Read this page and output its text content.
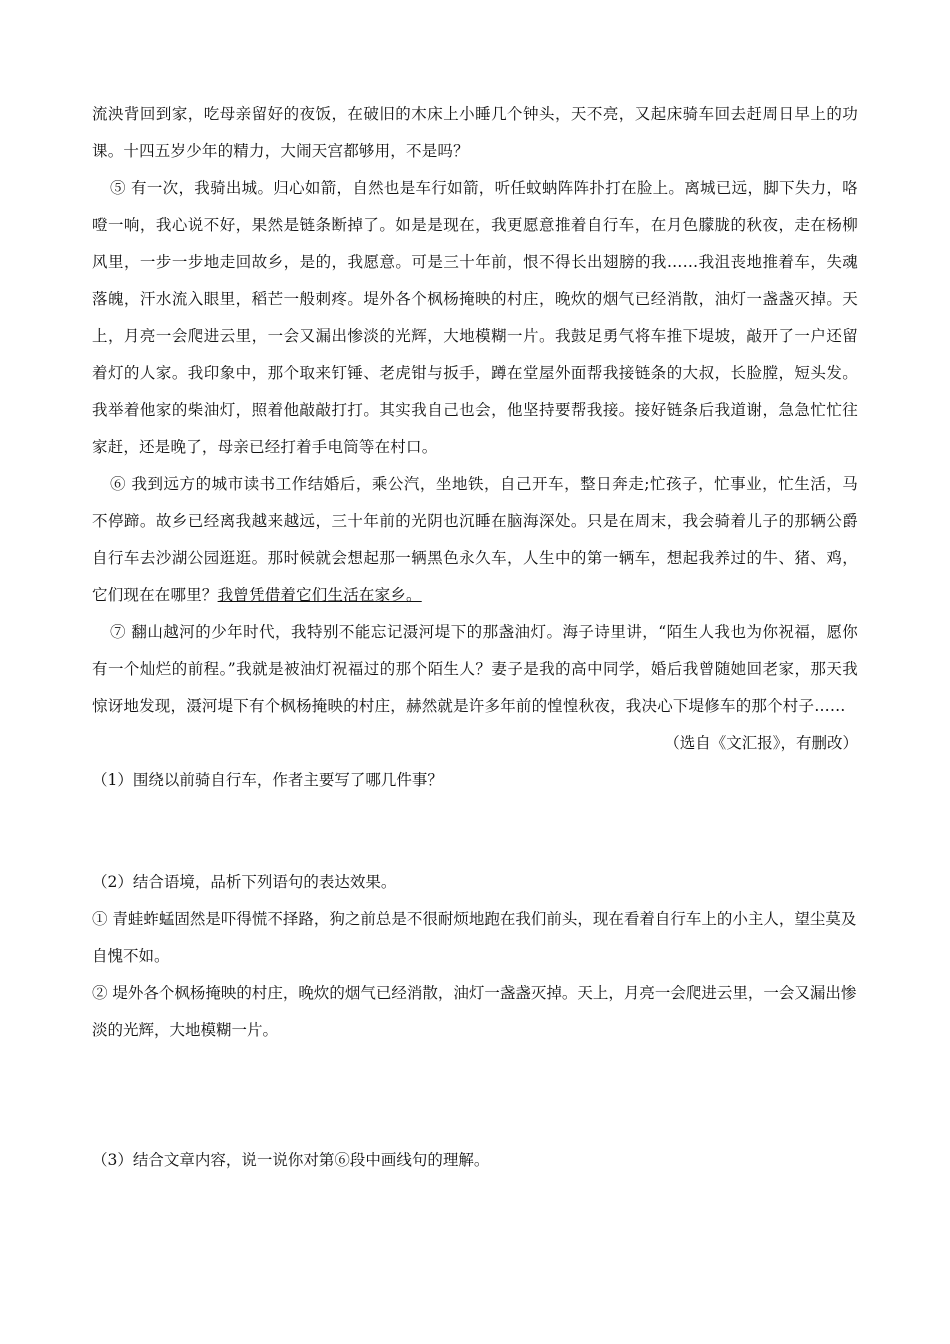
流泱背回到家，吃母亲留好的夜饭，在破旧的木床上小睡几个钟头，天不亮，又起床骑车回去赶周日早上的功课。十四五岁少年的精力，大闹天宫都够用，不是吗？

⑤ 有一次，我骑出城。归心如箭，自然也是车行如箭，听任蚊蚋阵阵扑打在脸上。离城已远，脚下失力，咯噔一响，我心说不好，果然是链条断掉了。如是是现在，我更愿意推着自行车，在月色朦胧的秋夜，走在杨柳风里，一步一步地走回故乡，是的，我愿意。可是三十年前，恨不得长出翅膀的我……我沮丧地推着车，失魂落魄，汗水流入眼里，稻芒一般刺疼。堤外各个枫杨掩映的村庄，晚炊的烟气已经消散，油灯一盏盏灭掉。天上，月亮一会爬进云里，一会又漏出惨淡的光辉，大地模糊一片。我鼓足勇气将车推下堤坡，敲开了一户还留着灯的人家。我印象中，那个取来钉锤、老虎钳与扳手，蹲在堂屋外面帮我接链条的大叔，长脸膛，短头发。我举着他家的柴油灯，照着他敲敲打打。其实我自己也会，他坚持要帮我接。接好链条后我道谢，急急忙忙往家赶，还是晚了，母亲已经打着手电筒等在村口。

⑥ 我到远方的城市读书工作结婚后，乘公汽，坐地铁，自己开车，整日奔走;忙孩子，忙事业，忙生活，马不停蹄。故乡已经离我越来越远，三十年前的光阴也沉睡在脑海深处。只是在周末，我会骑着儿子的那辆公爵自行车去沙湖公园逛逛。那时候就会想起那一辆黑色永久车，人生中的第一辆车，想起我养过的牛、猪、鸡，它们现在在哪里？我曾凭借着它们生活在家乡。

⑦ 翻山越河的少年时代，我特别不能忘记滠河堤下的那盏油灯。海子诗里讲，“陌生人我也为你祝福，愿你有一个灿烂的前程。”我就是被油灯祝福过的那个陌生人？妻子是我的高中同学，婚后我曾随她回老家，那天我惊讶地发现，滠河堤下有个枫杨掩映的村庄，赫然就是许多年前的惶惶秋夜，我决心下堤修车的那个村子……

（选自《文汇报》，有删改）

（1）围绕以前骑自行车，作者主要写了哪几件事？

（2）结合语境，品析下列语句的表达效果。

① 青蛙蚱蜢固然是吓得慌不择路，狗之前总是不很耐烦地跑在我们前头，现在看着自行车上的小主人，望尘莫及自愧不如。

② 堤外各个枫杨掩映的村庄，晚炊的烟气已经消散，油灯一盏盏灭掉。天上，月亮一会爬进云里，一会又漏出惨淡的光辉，大地模糊一片。

（3）结合文章内容，说一说你对第⑥段中画线句的理解。
